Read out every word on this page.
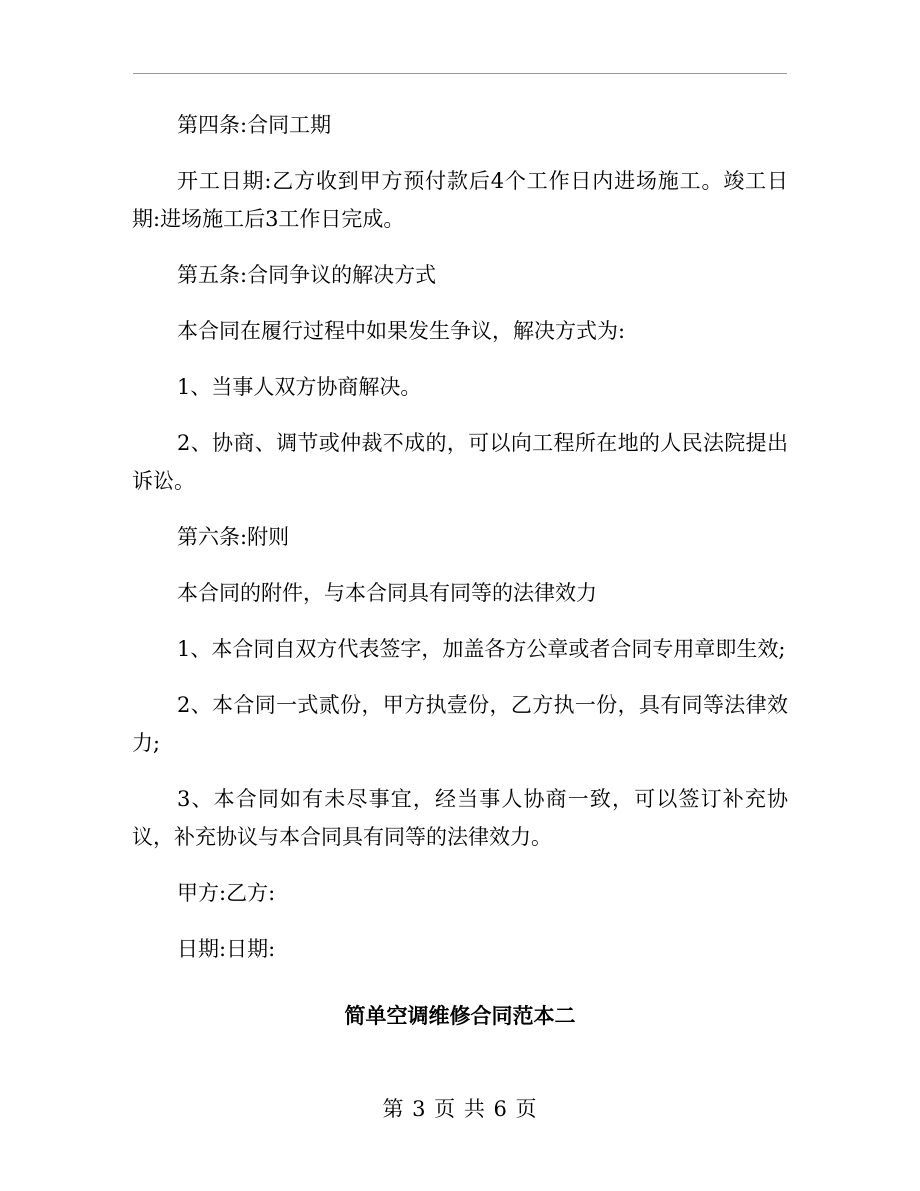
第四条:合同工期

开工日期:乙方收到甲方预付款后4个工作日内进场施工。竣工日期:进场施工后3工作日完成。

第五条:合同争议的解决方式

本合同在履行过程中如果发生争议，解决方式为:

1、当事人双方协商解决。

2、协商、调节或仲裁不成的，可以向工程所在地的人民法院提出诉讼。

第六条:附则

本合同的附件，与本合同具有同等的法律效力

1、本合同自双方代表签字，加盖各方公章或者合同专用章即生效;

2、本合同一式贰份，甲方执壹份，乙方执一份，具有同等法律效力;

3、本合同如有未尽事宜，经当事人协商一致，可以签订补充协议，补充协议与本合同具有同等的法律效力。

甲方:乙方:

日期:日期:

简单空调维修合同范本二
第 3 页 共 6 页
